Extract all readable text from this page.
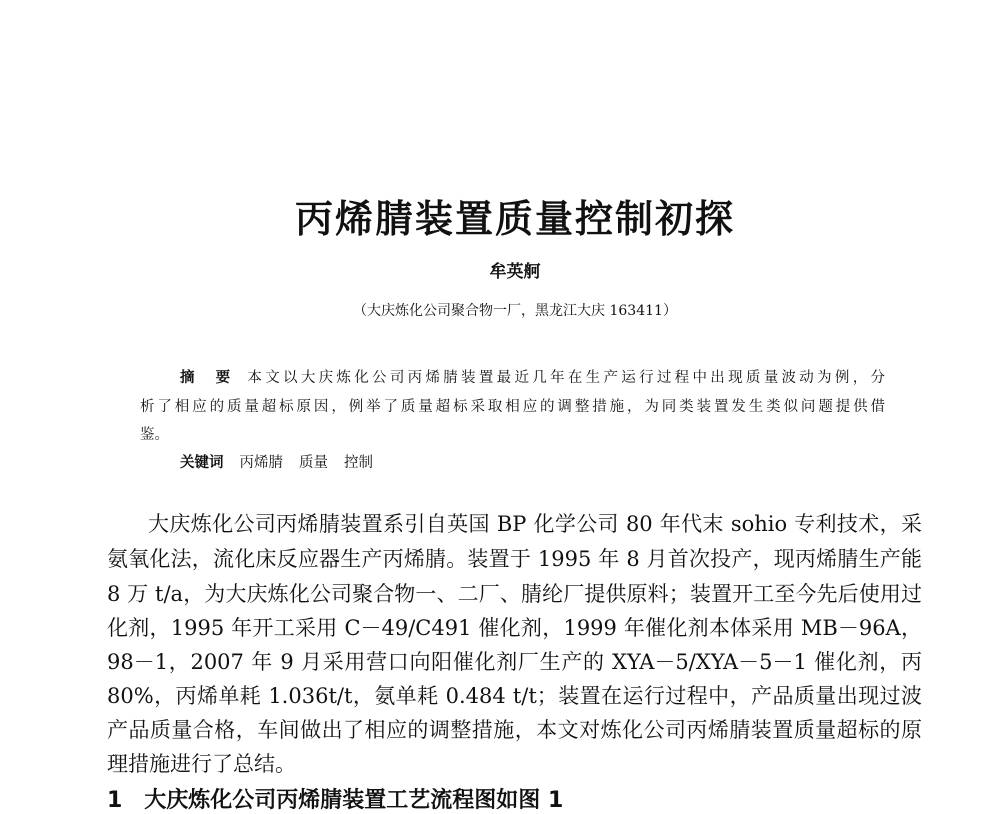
丙烯腈装置质量控制初探
牟英舸
（大庆炼化公司聚合物一厂，黑龙江大庆 163411）
摘　要 本文以大庆炼化公司丙烯腈装置最近几年在生产运行过程中出现质量波动为例，分
析了相应的质量超标原因，例举了质量超标采取相应的调整措施，为同类装置发生类似问题提供借
鉴。
关键词 丙烯腈 质量 控制
大庆炼化公司丙烯腈装置系引自英国 BP 化学公司 80 年代末 sohio 专利技术，采
氨氧化法，流化床反应器生产丙烯腈。装置于 1995 年 8 月首次投产，现丙烯腈生产能
8 万 t/a，为大庆炼化公司聚合物一、二厂、腈纶厂提供原料；装置开工至今先后使用过
化剂，1995 年开工采用 C－49/C491 催化剂，1999 年催化剂本体采用 MB－96A，
98－1，2007 年 9 月采用营口向阳催化剂厂生产的 XYA－5/XYA－5－1 催化剂，丙
80%，丙烯单耗 1.036t/t，氨单耗 0.484 t/t；装置在运行过程中，产品质量出现过波
产品质量合格，车间做出了相应的调整措施，本文对炼化公司丙烯腈装置质量超标的原
理措施进行了总结。
1　大庆炼化公司丙烯腈装置工艺流程图如图 1
